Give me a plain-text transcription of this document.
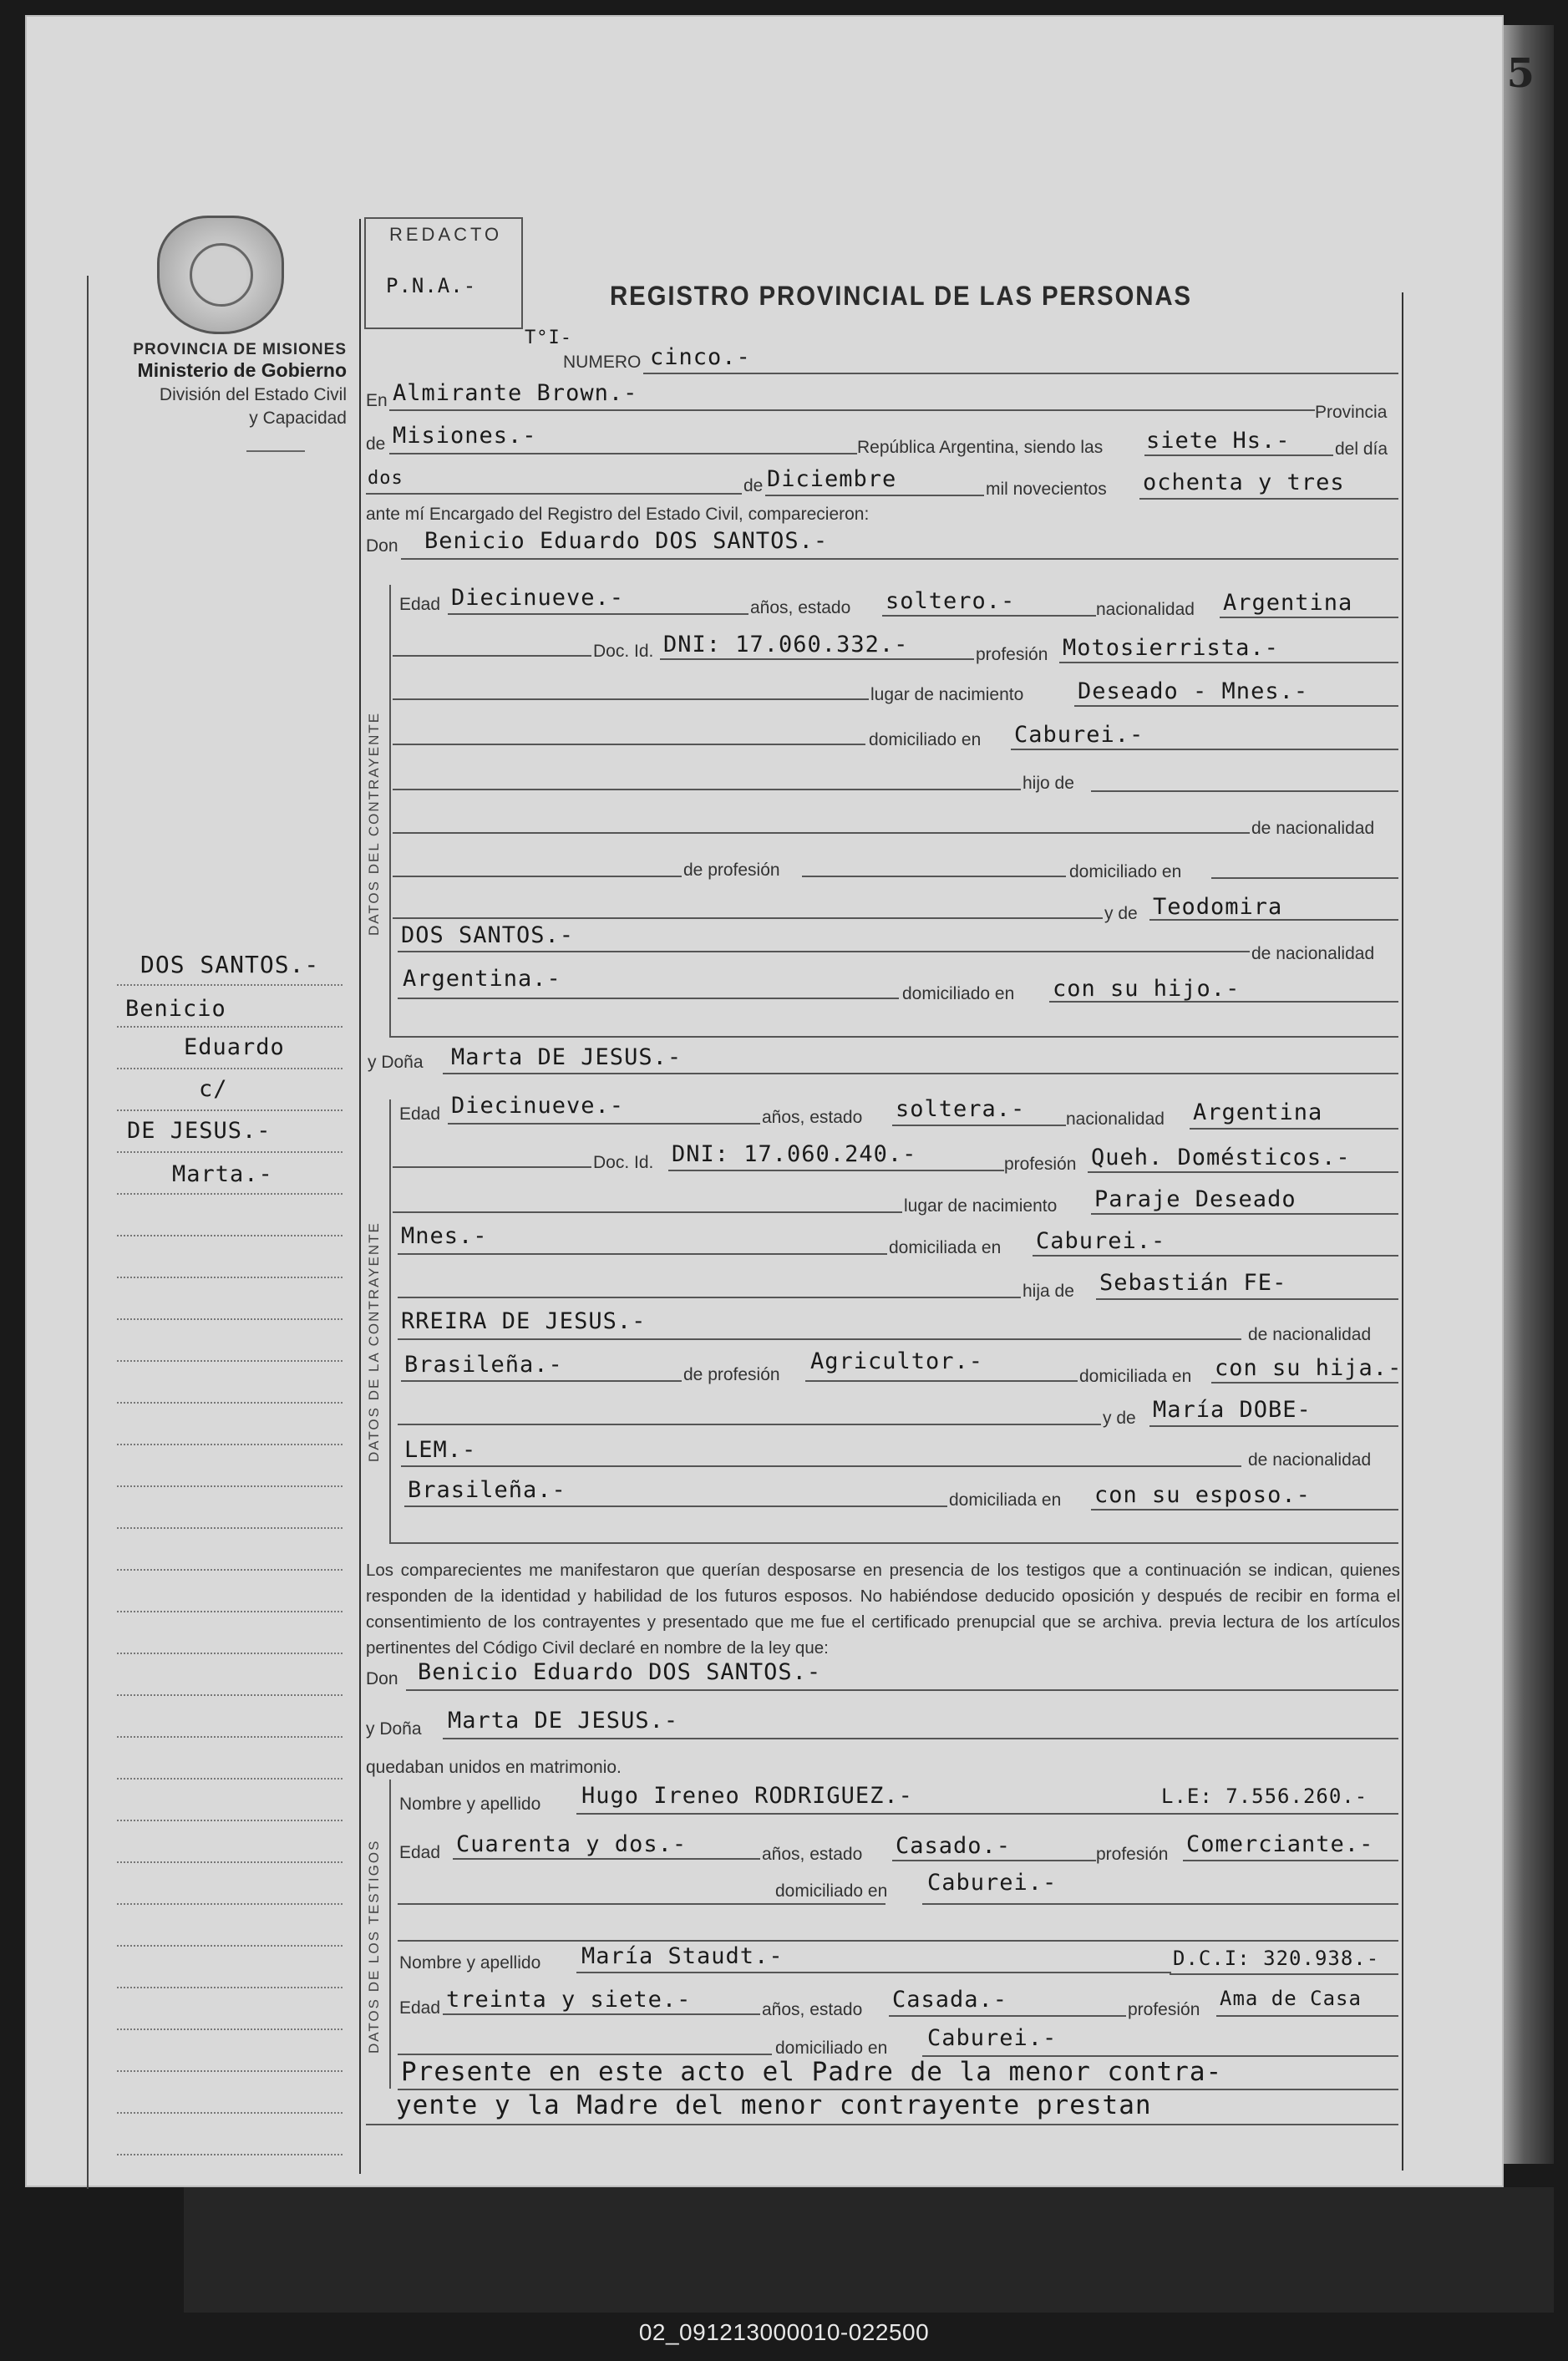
02_091213000010-022500
5
PROVINCIA DE MISIONES
Ministerio de Gobierno
División del Estado Civil
y Capacidad
DOS SANTOS.-
Benicio
Eduardo
c/
DE JESUS.-
Marta.-
REDACTO
P.N.A.-	REGISTRO PROVINCIAL DE LAS PERSONAS
T°I-
NUMERO cinco.-
En Almirante Brown.-
Provincia
de Misiones.-	República Argentina, siendo las siete Hs.-	del día
dos	de Diciembre	mil novecientos ochenta y tres
ante mí Encargado del Registro del Estado Civil, comparecieron:
Don Benicio Eduardo DOS SANTOS.-
DATOS DEL CONTRAYENTE
Edad Diecinueve.-	años, estado soltero.-	nacionalidad Argentina
Doc. Id. DNI: 17.060.332.-	profesión Motosierrista.-
lugar de nacimiento Deseado - Mnes.-
domiciliado en Caburei.-
hijo de
de nacionalidad
de profesión	domiciliado en
y de Teodomira
DOS SANTOS.-
de nacionalidad
Argentina.-
domiciliado en con su hijo.-
y Doña Marta DE JESUS.-
DATOS DE LA CONTRAYENTE
Edad Diecinueve.-	años, estado soltera.- nacionalidad Argentina
Doc. Id. DNI: 17.060.240.-	profesión Queh. Domésticos.-
lugar de nacimiento Paraje Deseado
Mnes.-	domiciliada en Caburei.-
hija de Sebastián FE-
RREIRA DE JESUS.-
de nacionalidad
Brasileña.-	de profesión
Agricultor.-
domiciliada en con su hija.-
y de María DOBE-
LEM.-	de nacionalidad
Brasileña.-	domiciliada en con su esposo.-
Los comparecientes me manifestaron que querían desposarse en presencia de los testigos que a continuación se indican, quienes responden de la identidad y habilidad de los futuros esposos. No habiéndose deducido oposición y después de recibir en forma el consentimiento de los contrayentes y presentado que me fue el certificado prenupcial que se archiva. previa lectura de los artículos pertinentes del Código Civil declaré en nombre de la ley que:
Don Benicio Eduardo DOS SANTOS.-
y Doña Marta DE JESUS.-
quedaban unidos en matrimonio.
DATOS DE LOS TESTIGOS
Nombre y apellido Hugo Ireneo RODRIGUEZ.-	L.E: 7.556.260.-
Edad Cuarenta y dos.-	años, estado Casado.-	profesión Comerciante.-
domiciliado en Caburei.-
Nombre y apellido María Staudt.-	D.C.I: 320.938.-
Edad treinta y siete.-	años, estado Casada.-	profesión Ama de Casa
domiciliado en Caburei.-
Presente en este acto el Padre de la menor contra-
yente y la Madre del menor contrayente prestan
